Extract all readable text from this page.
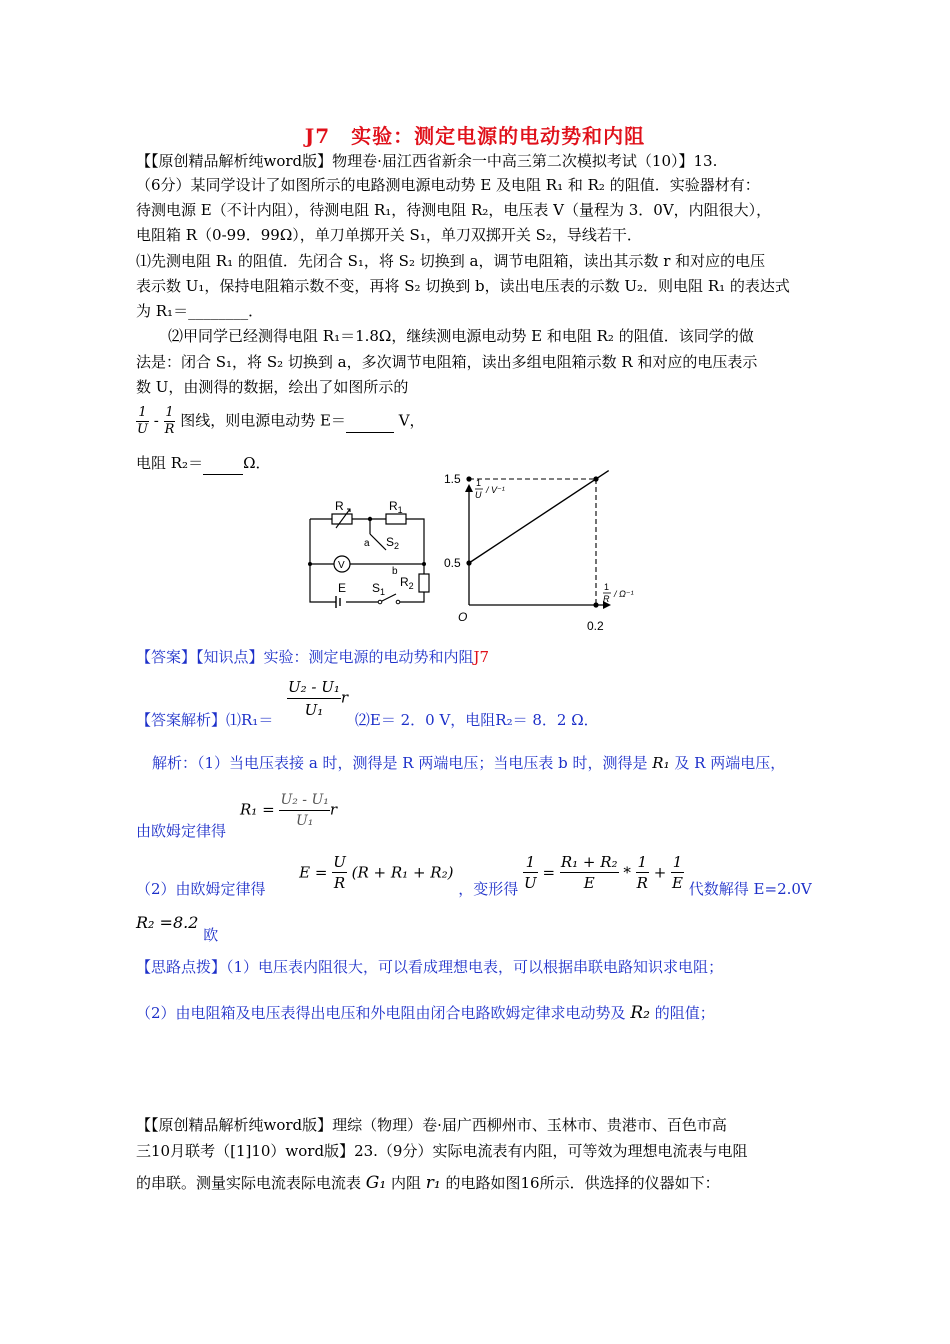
J7　实验：测定电源的电动势和内阻
【【原创精品解析纯word版】物理卷·届江西省新余一中高三第二次模拟考试（10）】13.
（6分）某同学设计了如图所示的电路测电源电动势 E 及电阻 R₁ 和 R₂ 的阻值．实验器材有：
待测电源 E（不计内阻），待测电阻 R₁，待测电阻 R₂，电压表 V（量程为 3．0V，内阻很大），
电阻箱 R（0-99．99Ω），单刀单掷开关 S₁，单刀双掷开关 S₂，导线若干．
⑴先测电阻 R₁ 的阻值．先闭合 S₁，将 S₂ 切换到 a，调节电阻箱，读出其示数 r 和对应的电压
表示数 U₁，保持电阻箱示数不变，再将 S₂ 切换到 b，读出电压表的示数 U₂．则电阻 R₁ 的表达式
为 R₁＝________．
⑵甲同学已经测得电阻 R₁＝1.8Ω，继续测电源电动势 E 和电阻 R₂ 的阻值．该同学的做
法是：闭合 S₁，将 S₂ 切换到 a，多次调节电阻箱，读出多组电阻箱示数 R 和对应的电压表示
数 U，由测得的数据，绘出了如图所示的
$\frac{1}{U} - \frac{1}{R}$ 图线，则电源电动势 E＝	V，
电阻 R₂＝	Ω．
R	$R_1$
a $S_2$
V
b
$R_2$
E $S_1$
1.5
0.5
0.2
1
U / V⁻¹
1
R / Ω⁻¹
O
【答案】【知识点】实验：测定电源的电动势和内阻J7
$\frac{\text{U₂ - U₁}}{\text{U₁}}$ r
【答案解析】⑴R₁＝	⑵E＝ 2．0 V，电阻R₂＝ 8．2 Ω．
解析：（1）当电压表接 a 时，测得是 R 两端电压；当电压表 b 时，测得是 R₁ 及 R 两端电压，
$R_1 = \frac{\text{U₂ - U₁}}{\text{U₁}}$ r
由欧姆定律得
（2）由欧姆定律得  $E = \frac{U}{R} (R + R_1 + R_2)$ ，变形得 $\frac{1}{U} = \frac{\text{R₁ + R₂}}{E} * \frac{1}{R} + \frac{1}{E}$ 代数解得 E=2.0V
R₂ =8.2 欧
【思路点拨】（1）电压表内阻很大，可以看成理想电表，可以根据串联电路知识求电阻；
（2）由电阻箱及电压表得出电压和外电阻由闭合电路欧姆定律求电动势及 R₂ 的阻值；
【【原创精品解析纯word版】理综（物理）卷·届广西柳州市、玉林市、贵港市、百色市高
三10月联考（[1]10）word版】23.（9分）实际电流表有内阻，可等效为理想电流表与电阻
的串联。测量实际电流表际电流表 G₁ 内阻 r₁ 的电路如图16所示．供选择的仪器如下：
